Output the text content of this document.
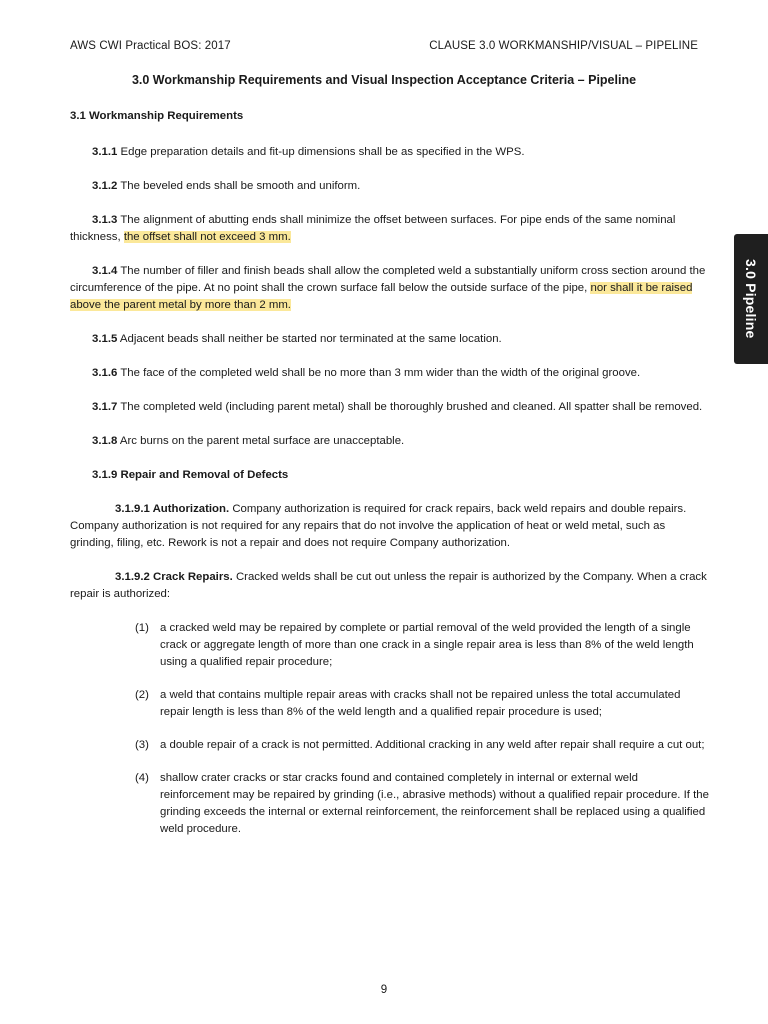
AWS CWI Practical BOS: 2017	CLAUSE 3.0 WORKMANSHIP/VISUAL – PIPELINE
3.0 Workmanship Requirements and Visual Inspection Acceptance Criteria – Pipeline
3.0 Pipeline
3.1 Workmanship Requirements

3.1.1 Edge preparation details and fit-up dimensions shall be as specified in the WPS.

3.1.2 The beveled ends shall be smooth and uniform.

3.1.3 The alignment of abutting ends shall minimize the offset between surfaces. For pipe ends of the same nominal thickness, the offset shall not exceed 3 mm.

3.1.4 The number of filler and finish beads shall allow the completed weld a substantially uniform cross section around the circumference of the pipe. At no point shall the crown surface fall below the outside surface of the pipe, nor shall it be raised above the parent metal by more than 2 mm.

3.1.5 Adjacent beads shall neither be started nor terminated at the same location.

3.1.6 The face of the completed weld shall be no more than 3 mm wider than the width of the original groove.

3.1.7 The completed weld (including parent metal) shall be thoroughly brushed and cleaned. All spatter shall be removed.

3.1.8 Arc burns on the parent metal surface are unacceptable.

3.1.9 Repair and Removal of Defects

3.1.9.1 Authorization. Company authorization is required for crack repairs, back weld repairs and double repairs. Company authorization is not required for any repairs that do not involve the application of heat or weld metal, such as grinding, filing, etc. Rework is not a repair and does not require Company authorization.

3.1.9.2 Crack Repairs. Cracked welds shall be cut out unless the repair is authorized by the Company. When a crack repair is authorized:

(1) a cracked weld may be repaired by complete or partial removal of the weld provided the length of a single crack or aggregate length of more than one crack in a single repair area is less than 8% of the weld length using a qualified repair procedure;
(2) a weld that contains multiple repair areas with cracks shall not be repaired unless the total accumulated repair length is less than 8% of the weld length and a qualified repair procedure is used;
(3) a double repair of a crack is not permitted. Additional cracking in any weld after repair shall require a cut out;
(4) shallow crater cracks or star cracks found and contained completely in internal or external weld reinforcement may be repaired by grinding (i.e., abrasive methods) without a qualified repair procedure. If the grinding exceeds the internal or external reinforcement, the reinforcement shall be replaced using a qualified weld procedure.
9
